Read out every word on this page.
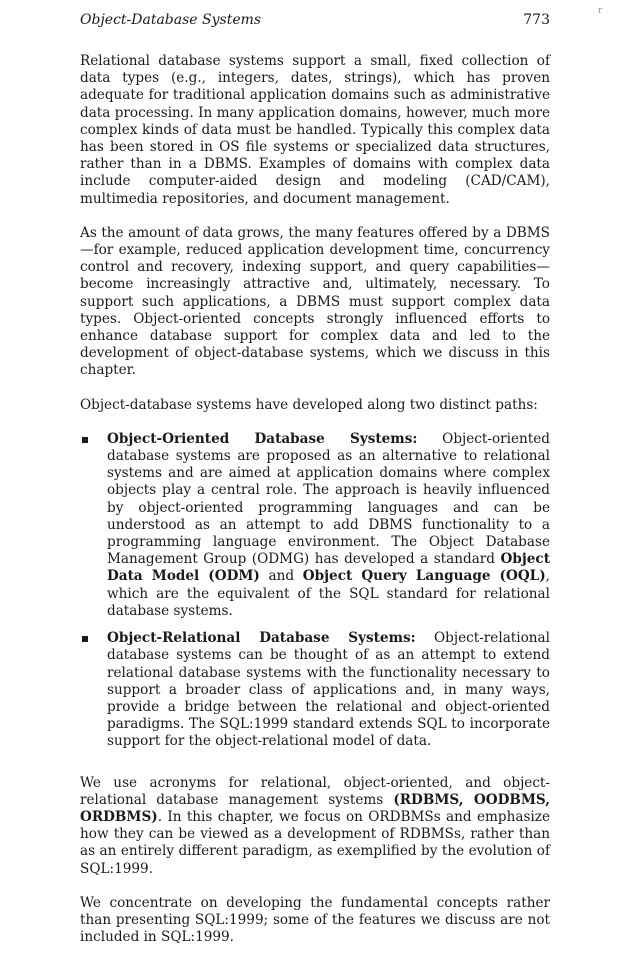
Object-Database Systems	773
r

Relational database systems support a small, fixed collection of data types (e.g., integers, dates, strings), which has proven adequate for traditional application domains such as administrative data processing. In many application domains, however, much more complex kinds of data must be handled. Typically this complex data has been stored in OS file systems or specialized data structures, rather than in a DBMS. Examples of domains with complex data include computer-aided design and modeling (CAD/CAM), multimedia repositories, and document management.

As the amount of data grows, the many features offered by a DBMS—for example, reduced application development time, concurrency control and recovery, indexing support, and query capabilities—become increasingly attractive and, ultimately, necessary. To support such applications, a DBMS must support complex data types. Object-oriented concepts strongly influenced efforts to enhance database support for complex data and led to the development of object-database systems, which we discuss in this chapter.

Object-database systems have developed along two distinct paths:

Object-Oriented Database Systems: Object-oriented database systems are proposed as an alternative to relational systems and are aimed at application domains where complex objects play a central role. The approach is heavily influenced by object-oriented programming languages and can be understood as an attempt to add DBMS functionality to a programming language environment. The Object Database Management Group (ODMG) has developed a standard Object Data Model (ODM) and Object Query Language (OQL), which are the equivalent of the SQL standard for relational database systems.
Object-Relational Database Systems: Object-relational database systems can be thought of as an attempt to extend relational database systems with the functionality necessary to support a broader class of applications and, in many ways, provide a bridge between the relational and object-oriented paradigms. The SQL:1999 standard extends SQL to incorporate support for the object-relational model of data.

We use acronyms for relational, object-oriented, and object-relational database management systems (RDBMS, OODBMS, ORDBMS). In this chapter, we focus on ORDBMSs and emphasize how they can be viewed as a development of RDBMSs, rather than as an entirely different paradigm, as exemplified by the evolution of SQL:1999.

We concentrate on developing the fundamental concepts rather than presenting SQL:1999; some of the features we discuss are not included in SQL:1999.
